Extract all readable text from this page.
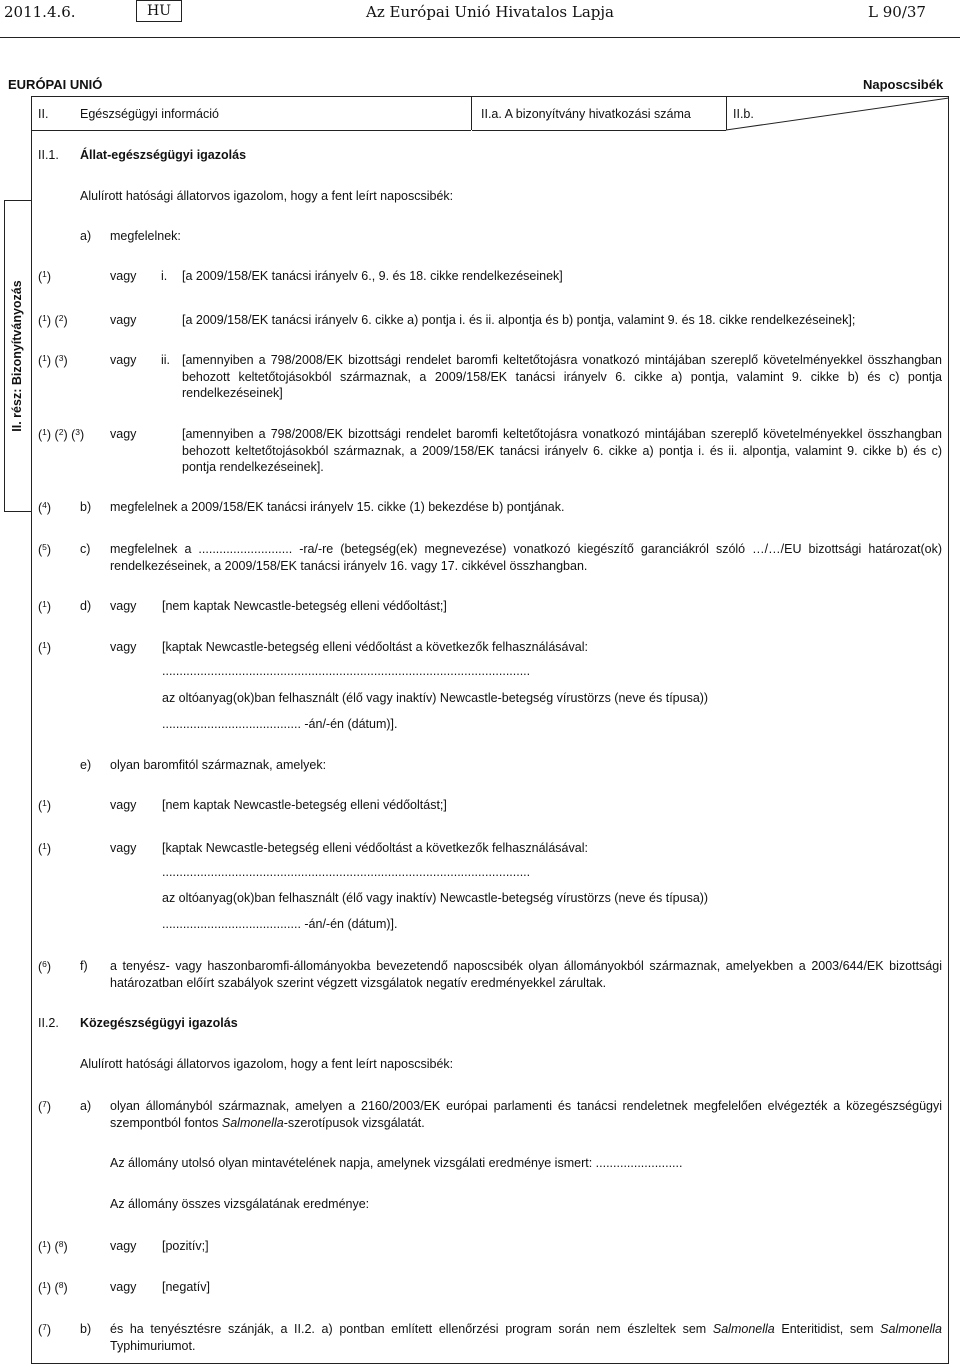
2011.4.6.	HU	Az Európai Unió Hivatalos Lapja	L 90/37
EURÓPAI UNIÓ	Naposcsibék
II. rész: Bizonyítványozás
II.	Egészségügyi információ	II.a. A bizonyítvány hivatkozási száma	II.b.
II.1. Állat-egészségügyi igazolás
Alulírott hatósági állatorvos igazolom, hogy a fent leírt naposcsibék:
a) megfelelnek:
($^1$)	vagy i. [a 2009/158/EK tanácsi irányelv 6., 9. és 18. cikke rendelkezéseinek]
($^1$) ($^2$)	vagy	[a 2009/158/EK tanácsi irányelv 6. cikke a) pontja i. és ii. alpontja és b) pontja, valamint 9. és 18. cikke rendelkezéseinek];
($^1$) ($^3$)	vagy ii. [amennyiben a 798/2008/EK bizottsági rendelet baromfi keltetőtojásra vonatkozó mintájában szereplő követelményekkel összhangban behozott keltetőtojásokból származnak, a 2009/158/EK tanácsi irányelv 6. cikke a) pontja, valamint 9. cikke b) és c) pontja rendelkezéseinek]
($^1$) ($^2$) ($^3$) vagy	[amennyiben a 798/2008/EK bizottsági rendelet baromfi keltetőtojásra vonatkozó mintájában szereplő követelményekkel összhangban behozott keltetőtojásokból származnak, a 2009/158/EK tanácsi irányelv 6. cikke a) pontja i. és ii. alpontja, valamint 9. cikke b) és c) pontja rendelkezéseinek].
($^4$) b) megfelelnek a 2009/158/EK tanácsi irányelv 15. cikke (1) bekezdése b) pontjának.
($^5$) c) megfelelnek a ........................... -ra/-re (betegség(ek) megnevezése) vonatkozó kiegészítő garanciákról szóló …/…/EU bizottsági határozat(ok) rendelkezéseinek, a 2009/158/EK tanácsi irányelv 16. vagy 17. cikkével összhangban.
($^1$) d) vagy [nem kaptak Newcastle-betegség elleni védőoltást;]
($^1$)	vagy [kaptak Newcastle-betegség elleni védőoltást a következők felhasználásával:
..........................................................................................................
az oltóanyag(ok)ban felhasznált (élő vagy inaktív) Newcastle-betegség vírustörzs (neve és típusa))
........................................ -án/-én (dátum)].
e) olyan baromfitól származnak, amelyek:
($^1$)	vagy [nem kaptak Newcastle-betegség elleni védőoltást;]
($^1$)	vagy [kaptak Newcastle-betegség elleni védőoltást a következők felhasználásával:
..........................................................................................................
az oltóanyag(ok)ban felhasznált (élő vagy inaktív) Newcastle-betegség vírustörzs (neve és típusa))
........................................ -án/-én (dátum)].
($^6$) f) a tenyész- vagy haszonbaromfi-állományokba bevezetendő naposcsibék olyan állományokból származnak, amelyekben a 2003/644/EK bizottsági határozatban előírt szabályok szerint végzett vizsgálatok negatív eredményekkel zárultak.
II.2. Közegészségügyi igazolás
Alulírott hatósági állatorvos igazolom, hogy a fent leírt naposcsibék:
($^7$) a) olyan állományból származnak, amelyen a 2160/2003/EK európai parlamenti és tanácsi rendeletnek megfelelően elvégezték a közegészségügyi szempontból fontos Salmonella-szerotípusok vizsgálatát.
Az állomány utolsó olyan mintavételének napja, amelynek vizsgálati eredménye ismert: .........................
Az állomány összes vizsgálatának eredménye:
($^1$) ($^8$)	vagy [pozitív;]
($^1$) ($^8$)	vagy [negatív]
($^7$) b) és ha tenyésztésre szánják, a II.2. a) pontban említett ellenőrzési program során nem észleltek sem Salmonella Enteritidist, sem Salmonella Typhimuriumot.
